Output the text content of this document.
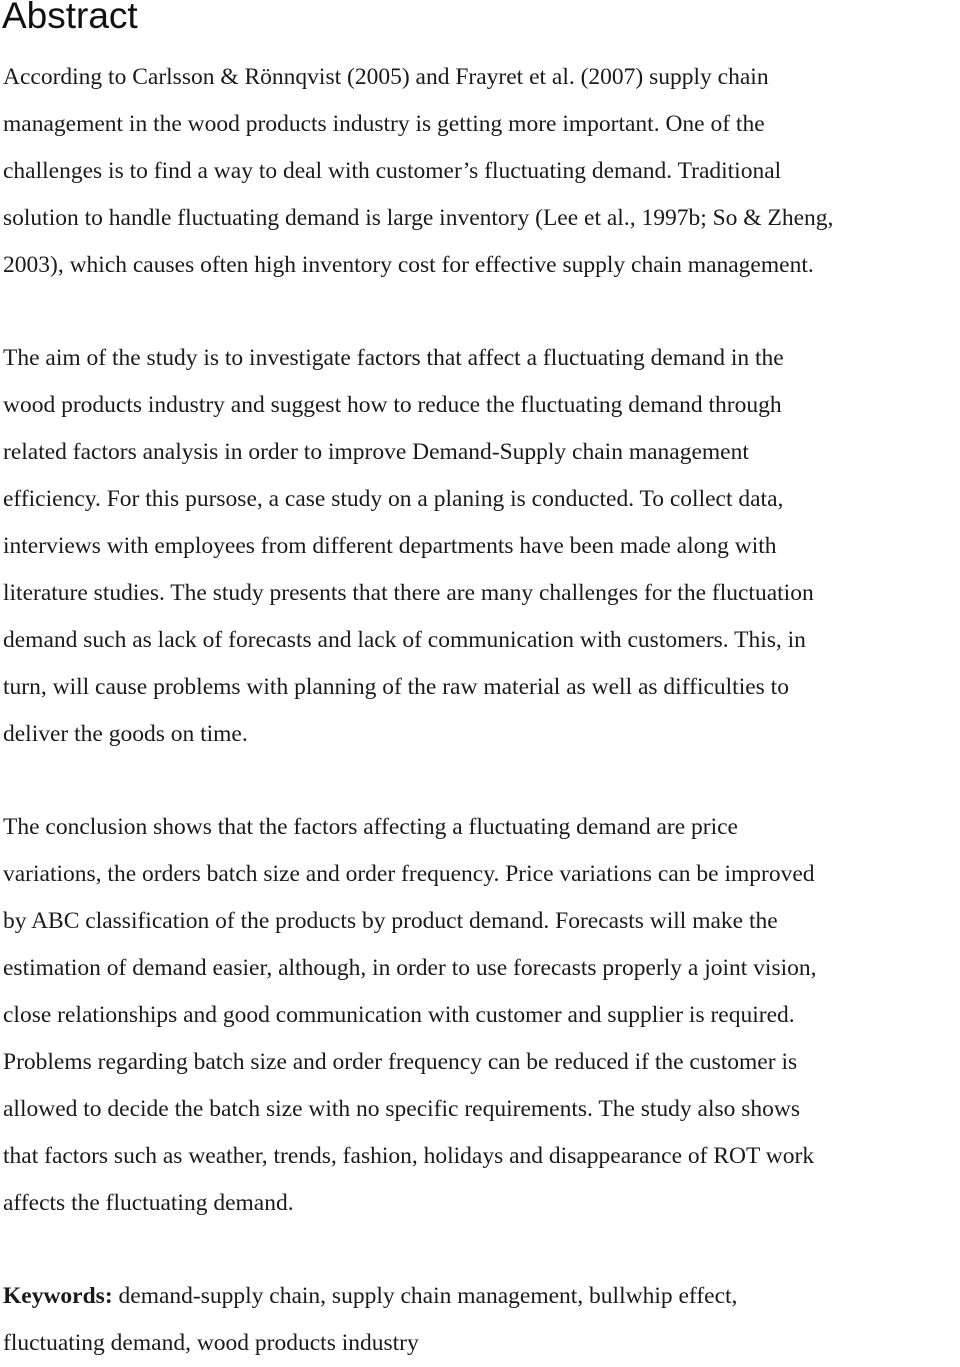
Abstract

According to Carlsson & Rönnqvist (2005) and Frayret et al. (2007) supply chain
management in the wood products industry is getting more important. One of the
challenges is to find a way to deal with customer’s fluctuating demand. Traditional
solution to handle fluctuating demand is large inventory (Lee et al., 1997b; So & Zheng,
2003), which causes often high inventory cost for effective supply chain management.

The aim of the study is to investigate factors that affect a fluctuating demand in the
wood products industry and suggest how to reduce the fluctuating demand through
related factors analysis in order to improve Demand-Supply chain management
efficiency. For this pursose, a case study on a planing is conducted. To collect data,
interviews with employees from different departments have been made along with
literature studies. The study presents that there are many challenges for the fluctuation
demand such as lack of forecasts and lack of communication with customers. This, in
turn, will cause problems with planning of the raw material as well as difficulties to
deliver the goods on time.

The conclusion shows that the factors affecting a fluctuating demand are price
variations, the orders batch size and order frequency. Price variations can be improved
by ABC classification of the products by product demand. Forecasts will make the
estimation of demand easier, although, in order to use forecasts properly a joint vision,
close relationships and good communication with customer and supplier is required.
Problems regarding batch size and order frequency can be reduced if the customer is
allowed to decide the batch size with no specific requirements. The study also shows
that factors such as weather, trends, fashion, holidays and disappearance of ROT work
affects the fluctuating demand.

Keywords: demand-supply chain, supply chain management, bullwhip effect,
fluctuating demand, wood products industry
